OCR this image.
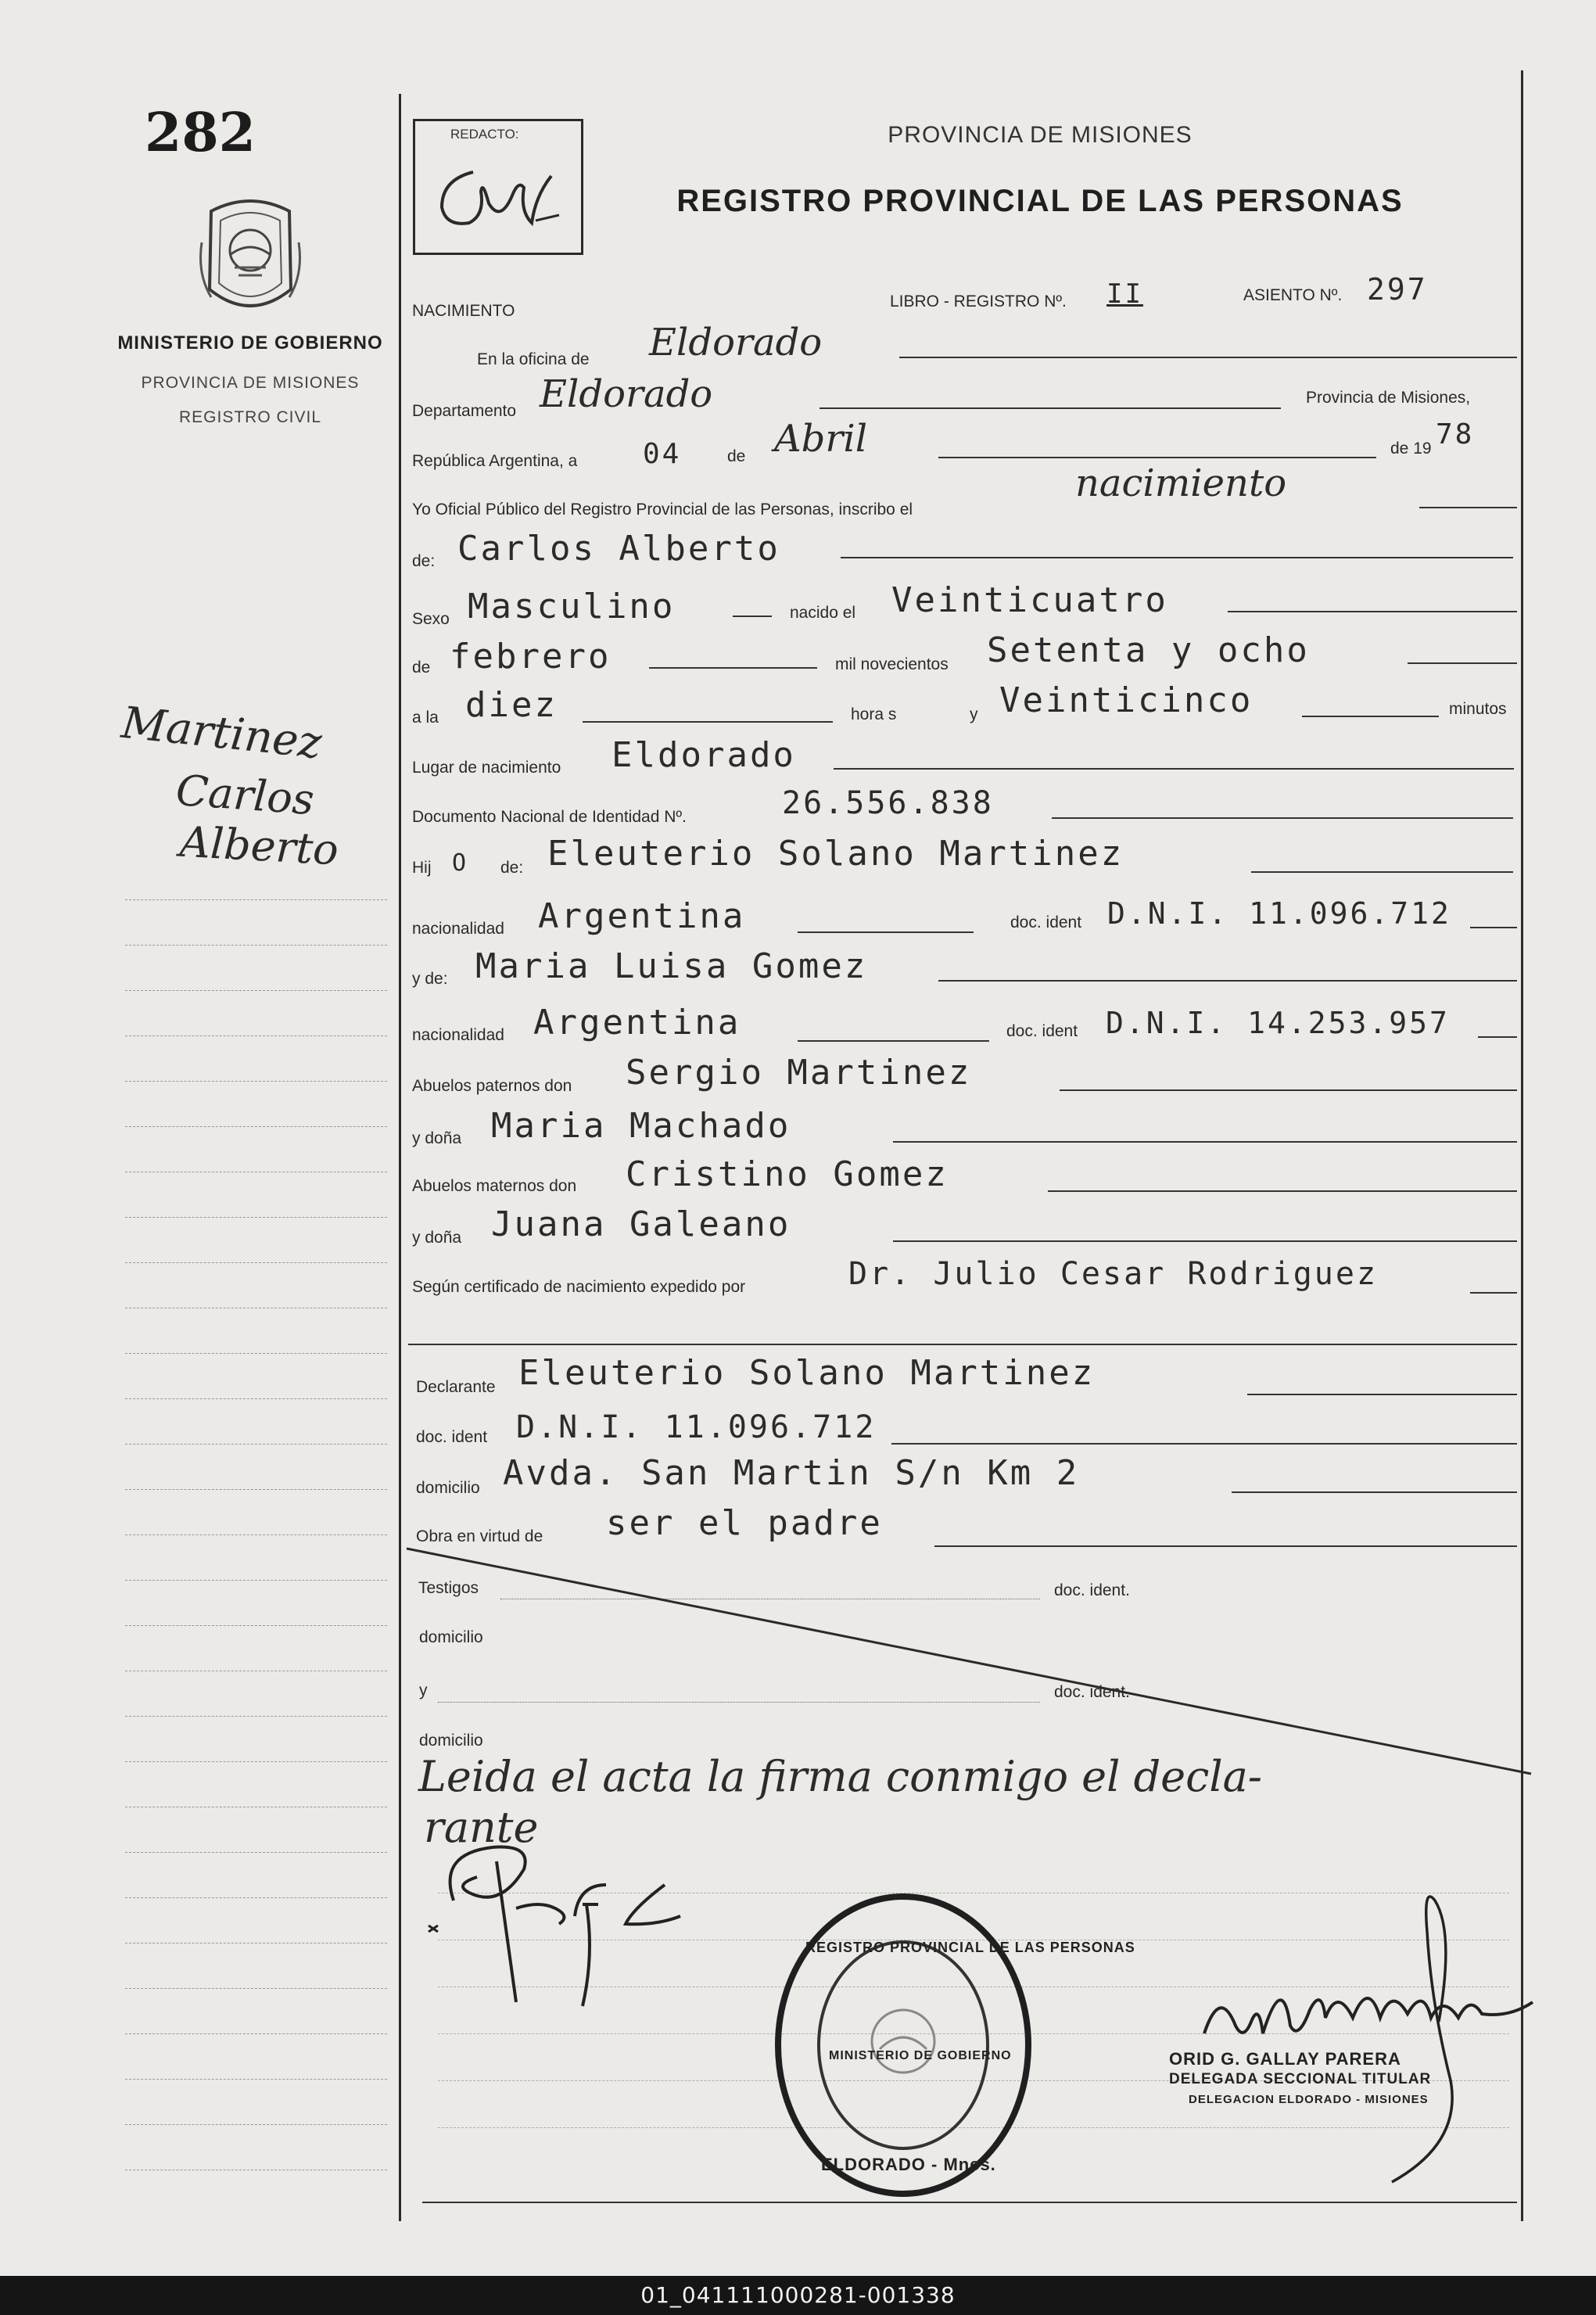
282
MINISTERIO DE GOBIERNO
PROVINCIA DE MISIONES
REGISTRO CIVIL
Martinez
Carlos
Alberto
REDACTO:	PROVINCIA DE MISIONES
REGISTRO PROVINCIAL DE LAS PERSONAS
NACIMIENTO
LIBRO - REGISTRO Nº. II	ASIENTO Nº. 297
En la oficina de Eldorado
Departamento Eldorado	Provincia de Misiones,
República Argentina, a 04	de Abril	de 19 78
Yo Oficial Público del Registro Provincial de las Personas, inscribo el
nacimiento
de: Carlos Alberto
Sexo Masculino	nacido el Veinticuatro
de febrero	mil novecientos Setenta y ocho
a la diez	hora s	y Veinticinco	minutos
Lugar de nacimiento Eldorado
Documento Nacional de Identidad Nº.	26.556.838
Hij O de: Eleuterio Solano Martinez
nacionalidad Argentina	doc. ident D.N.I. 11.096.712
y de: Maria Luisa Gomez
nacionalidad Argentina	doc. ident D.N.I. 14.253.957
Abuelos paternos don Sergio Martinez
y doña Maria Machado
Abuelos maternos don Cristino Gomez
y doña Juana Galeano
Según certificado de nacimiento expedido por	Dr. Julio Cesar Rodriguez
Declarante Eleuterio Solano Martinez
doc. ident D.N.I. 11.096.712
domicilio Avda. San Martin S/n Km 2
Obra en virtud de ser el padre
Testigos	doc. ident.
domicilio
y	doc. ident.
domicilio
Leida el acta la firma conmigo el decla-
rante
REGISTRO PROVINCIAL DE LAS PERSONAS
MINISTERIO DE GOBIERNO
ELDORADO - Mnes.
ORID G. GALLAY PARERA
DELEGADA SECCIONAL TITULAR
DELEGACION ELDORADO - MISIONES
01_041111000281-001338
